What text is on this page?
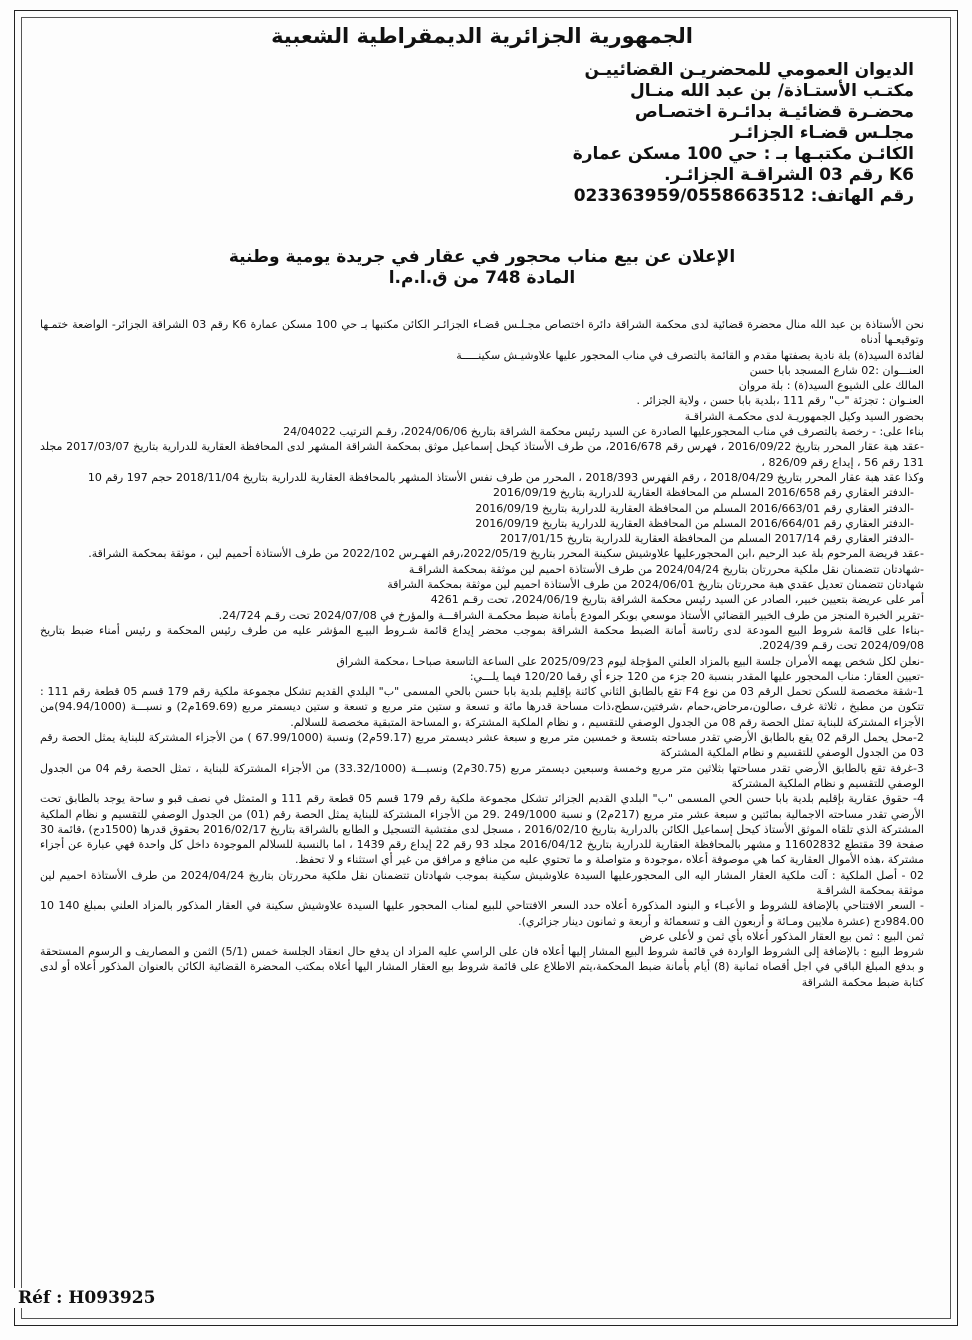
الجمهورية الجزائرية الديمقراطية الشعبية
الديوان العمومي للمحضريـن القضائييـن
مكتـب الأستـاذة/ بن عبد الله منـال
محضـرة قضائيـة بدائـرة اختصـاص
مجلـس قضـاء الجزائـر
الكائـن مكتبـها بـ : حي 100 مسكن عمارة
K6 رقم 03 الشراقـة الجزائـر.
رقم الهاتف: 023363959/0558663512
الإعلان عن بيع مناب محجور في عقار في جريدة يومية وطنية
المادة 748 من ق.ا.م.ا

نحن الأستاذة بن عبد الله منال محضرة قضائية لدى محكمة الشراقة دائرة اختصاص مجـلـس قضـاء الجزائـر الكائن مكتبها بـ حي 100 مسكن عمارة K6 رقم 03 الشراقة الجزائر- الواضعة ختمـها وتوقيعـها أدناه

لفائدة السيد(ة) بلة نادية بصفتها مقدم و القائمة بالتصرف في مناب المحجور عليها علاوشيـش سكينـــــة

العنـــوان :02 شارع المسجد بابا حسن

المالك على الشيوع السيد(ة) : بلة مروان

العنـوان : تجزئة "ب" رقم 111 ،بلدية بابا حسن ، ولاية الجزائر .

بحضور السيد وكيل الجمهوريـة لدى محكمـة الشراقـة

بناءا على: - رخصة بالتصرف في مناب المحجورعليها الصادرة عن السيد رئيس محكمة الشراقة بتاريخ 2024/06/06، رقـم الترتيب 24/04022

-عقد هبة عقار المحرر بتاريخ 2016/09/22 ، فهرس رقم 2016/678، من طرف الأستاذ كيحل إسماعيل موثق بمحكمة الشراقة المشهر لدى المحافظة العقارية للدرارية بتاريخ 2017/03/07 مجلد 131 رقم 56 ، إيداع رقم 826/09 ،

وكذا عقد هبة عقار المحرر بتاريخ 2018/04/29 ، رقم الفهرس 2018/393 ، المحرر من طرف نفس الأستاذ المشهر بالمحافظة العقارية للدرارية بتاريخ 2018/11/04 حجم 197 رقم 10

-الدفتر العقاري رقم 2016/658 المسلم من المحافظة العقارية للدرارية بتاريخ 2016/09/19

-الدفتر العقاري رقم 2016/663/01 المسلم من المحافظة العقارية للدرارية بتاريخ 2016/09/19

-الدفتر العقاري رقم 2016/664/01 المسلم من المحافظة العقارية للدرارية بتاريخ 2016/09/19

-الدفتر العقاري رقم 2017/14 المسلم من المحافظة العقارية للدرارية بتاريخ 2017/01/15

-عقد فريضة المرحوم بلة عبد الرحيم ،ابن المحجورعليها علاوشيش سكينة المحرر بتاريخ 2022/05/19،رقم الفهـرس 2022/102 من طرف الأستاذة أحميم لين ، موثقة بمحكمة الشراقة.

-شهادتان تتضمنان نقل ملكية محررتان بتاريخ 2024/04/24 من طرف الأستاذة احميم لين موثقة بمحكمة الشراقـة

شهادتان تتضمنان تعديل عقدي هبة محررتان بتاريخ 2024/06/01 من طرف الأستاذة احميم لين موثقة بمحكمة الشراقة

أمر على عريضة بتعيين خبير، الصادر عن السيد رئيس محكمة الشراقة بتاريخ 2024/06/19، تحت رقـم 4261

-تقرير الخبرة المنجز من طرف الخبير القضائي الأستاذ موسعي بوبكر المودع بأمانة ضبط محكمـة الشراقـــة والمؤرخ في 2024/07/08 تحت رقـم 24/724.

-بناءا على قائمة شروط البيع المودعة لدى رئاسة أمانة الضبط محكمة الشراقة بموجب محضر إيداع قائمة شـروط البيـع المؤشر عليه من طرف رئيس المحكمة و رئيس أمناء ضبط بتاريخ 2024/09/08 تحت رقـم 2024/39.

-نعلن لكل شخص يهمه الأمران جلسة البيع بالمزاد العلني المؤجلة ليوم 2025/09/23 على الساعة التاسعة صباحـا ،محكمة الشراق

-تعيين العقار: مناب المحجور عليها المقدر بنسبة 20 جزء من 120 جزء أي رقما 120/20 فيما يلـــي:

1-شقة مخصصة للسكن تحمل الرقم 03 من نوع F4 تقع بالطابق الثاني كائنة بإقليم بلدية بابا حسن بالحي المسمى "ب" البلدي القديم تشكل مجموعة ملكية رقم 179 قسم 05 قطعة رقم 111 : تتكون من مطبخ ، ثلاثة غرف ،صالون،مرحاض،حمام ،شرفتين،سطح،ذات مساحة قدرها مائة و تسعة و ستين متر مربع و تسعة و ستين ديسمتر مربع (169.69م2) و نسبـــة (94.94/1000)من الأجزاء المشتركة للبناية تمثل الحصة رقم 08 من الجدول الوصفي للتقسيم ، و نظام الملكية المشتركة ،و المساحة المتبقية مخصصة للسلالم.

2-محل يحمل الرقم 02 يقع بالطابق الأرضي تقدر مساحته بتسعة و خمسين متر مربع و سبعة عشر ديسمتر مربع (59.17م2) ونسبة (67.99/1000 ) من الأجزاء المشتركة للبناية يمثل الحصة رقم 03 من الجدول الوصفي للتقسيم و نظام الملكية المشتركة

3-غرفة تقع بالطابق الأرضي تقدر مساحتها بثلاثين متر مربع وخمسة وسبعين ديسمتر مربع (30.75م2) ونسبـــة (33.32/1000) من الأجزاء المشتركة للبناية ، تمثل الحصة رقم 04 من الجدول الوصفي للتقسيم و نظام الملكية المشتركة

4- حقوق عقارية بإقليم بلدية بابا حسن الحي المسمى "ب" البلدي القديم الجزائر تشكل مجموعة ملكية رقم 179 قسم 05 قطعة رقم 111 و المتمثل في نصف قبو و ساحة يوجد بالطابق تحت الأرضي تقدر مساحته الاجمالية بمائتين و سبعة عشر متر مربع (217م2) و نسبة 249/1000 .29 من الأجزاء المشتركة للبناية يمثل الحصة رقم (01) من الجدول الوصفي للتقسيم و نظام الملكية المشتركة الذي تلقاه الموثق الأستاذ كيحل إسماعيل الكائن بالدرارية بتاريخ 2016/02/10 ، مسجل لدى مفتشية التسجيل و الطابع بالشراقة بتاريخ 2016/02/17 بحقوق قدرها (1500دج) ،قائمة 30 صفحة 39 مقتطع 11602832 و مشهر بالمحافظة العقارية للدرارية بتاريخ 2016/04/12 مجلد 93 رقم 22 إيداع رقم 1439 ، اما بالنسبة للسلالم الموجودة داخل كل واحدة فهي عبارة عن أجزاء مشتركة ،هذه الأموال العقارية كما هي موصوفة أعلاه ،موجودة و متواصلة و ما تحتوي عليه من منافع و مرافق من غير أي استثناء و لا تحفظ.

02 - أصل الملكية : آلت ملكية العقار المشار اليه الى المحجورعليها السيدة علاوشيش سكينة بموجب شهادتان تتضمنان نقل ملكية محررتان بتاريخ 2024/04/24 من طرف الأستاذة احميم لين موثقة بمحكمة الشراقـة

- السعر الافتتاحي بالإضافة للشروط و الأعبـاء و البنود المذكورة أعلاه حدد السعر الافتتاحي للبيع لمناب المحجور عليها السيدة علاوشيش سكينة في العقار المذكور بالمزاد العلني بمبلغ 140 10 984.00دج (عشرة ملايين ومـائة و أربعون الف و تسعمائة و أربعة و ثمانون دينار جزائري).

ثمن البيع : ثمن بيع العقار المذكور أعلاه بأي ثمن و لأعلى عرض

شروط البيع : بالإضافة إلى الشروط الواردة في قائمة شروط البيع المشار إليها أعلاه فان على الراسي عليه المزاد ان يدفع حال انعقاد الجلسة خمس (5/1) الثمن و المصاريف و الرسوم المستحقة و بدفع المبلغ الباقي في اجل أقصاه ثمانية (8) أيام بأمانة ضبط المحكمة،يتم الاطلاع على قائمة شروط بيع العقار المشار اليها أعلاه بمكتب المحضرة القضائية الكائن بالعنوان المذكور أعلاه أو لدى كتابة ضبط محكمة الشراقة

Réf : H093925
